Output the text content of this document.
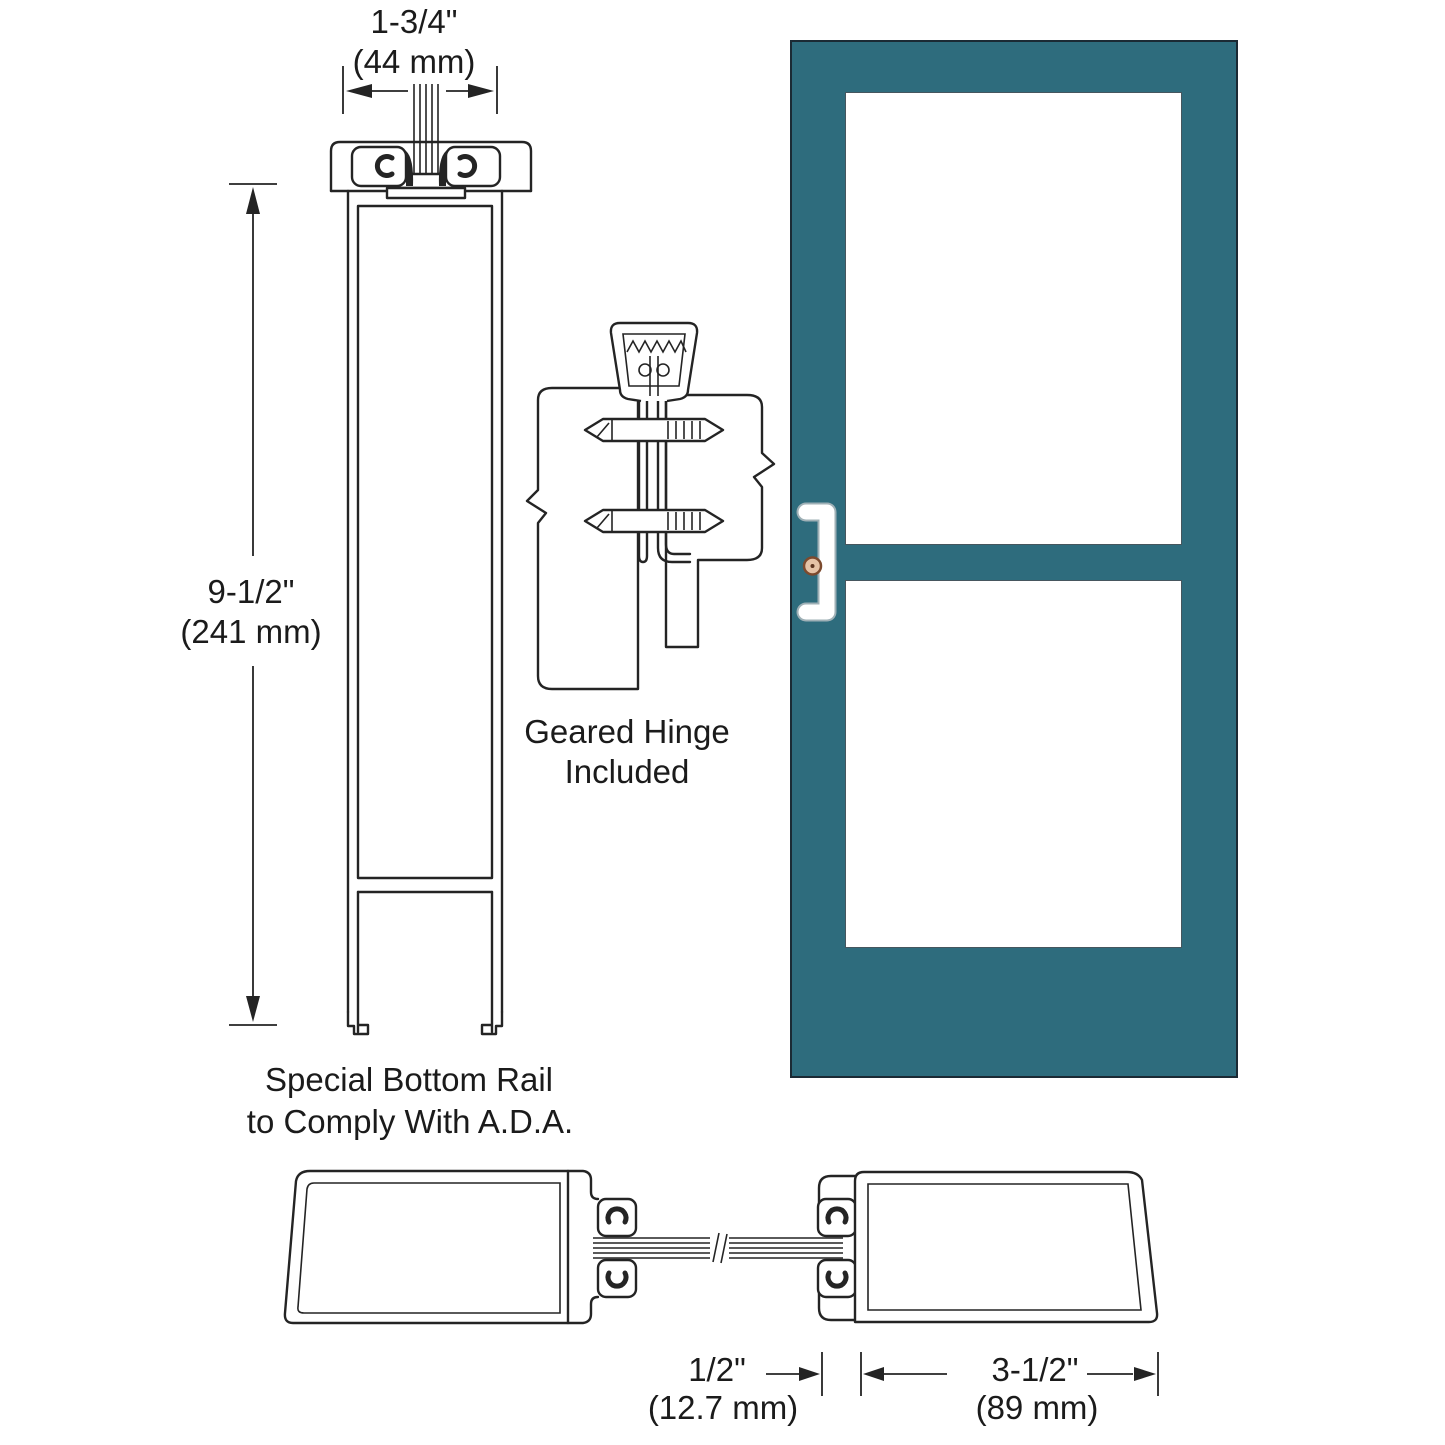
1-3/4"
(44 mm)
9-1/2"
(241 mm)
Geared Hinge
Included
Special Bottom Rail
to Comply With A.D.A.
1/2"
(12.7 mm)
3-1/2"
(89 mm)
